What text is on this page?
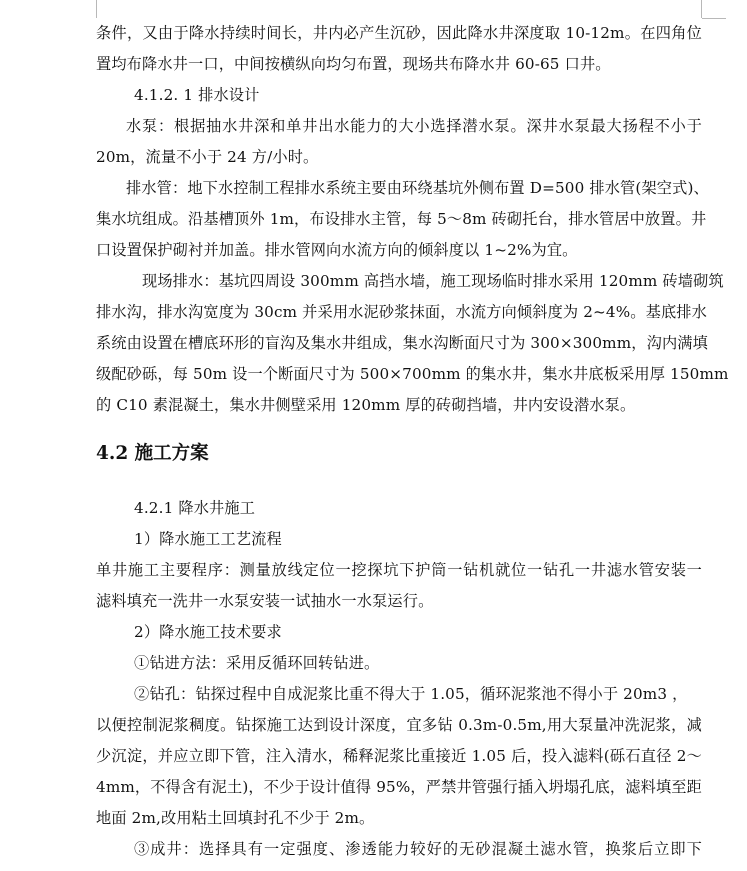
条件，又由于降水持续时间长，井内必产生沉砂，因此降水井深度取 10-12m。在四角位
置均布降水井一口，中间按横纵向均匀布置，现场共布降水井 60-65 口井。
4.1.2. 1 排水设计
水泵：根据抽水井深和单井出水能力的大小选择潜水泵。深井水泵最大扬程不小于
20m，流量不小于 24 方/小时。
排水管：地下水控制工程排水系统主要由环绕基坑外侧布置 D=500 排水管(架空式)、
集水坑组成。沿基槽顶外 1m，布设排水主管，每 5～8m 砖砌托台，排水管居中放置。井
口设置保护砌衬并加盖。排水管网向水流方向的倾斜度以 1~2%为宜。
现场排水：基坑四周设 300mm 高挡水墙，施工现场临时排水采用 120mm 砖墙砌筑
排水沟，排水沟宽度为 30cm 并采用水泥砂浆抹面，水流方向倾斜度为 2~4%。基底排水
系统由设置在槽底环形的盲沟及集水井组成，集水沟断面尺寸为 300×300mm，沟内满填
级配砂砾，每 50m 设一个断面尺寸为 500×700mm 的集水井，集水井底板采用厚 150mm
的 C10 素混凝土，集水井侧壁采用 120mm 厚的砖砌挡墙，井内安设潜水泵。
4.2 施工方案
4.2.1 降水井施工
1）降水施工工艺流程
单井施工主要程序：测量放线定位一挖探坑下护筒一钻机就位一钻孔一井滤水管安装一
滤料填充一洗井一水泵安装一试抽水一水泵运行。
2）降水施工技术要求
①钻进方法：采用反循环回转钻进。
②钻孔：钻探过程中自成泥浆比重不得大于 1.05，循环泥浆池不得小于 20m3 ，
以便控制泥浆稠度。钻探施工达到设计深度，宜多钻 0.3m-0.5m,用大泵量冲洗泥浆，减
少沉淀，并应立即下管，注入清水，稀释泥浆比重接近 1.05 后，投入滤料(砾石直径 2～
4mm，不得含有泥土)，不少于设计值得 95%，严禁井管强行插入坍塌孔底，滤料填至距
地面 2m,改用粘土回填封孔不少于 2m。
③成井：选择具有一定强度、渗透能力较好的无砂混凝土滤水管，换浆后立即下
